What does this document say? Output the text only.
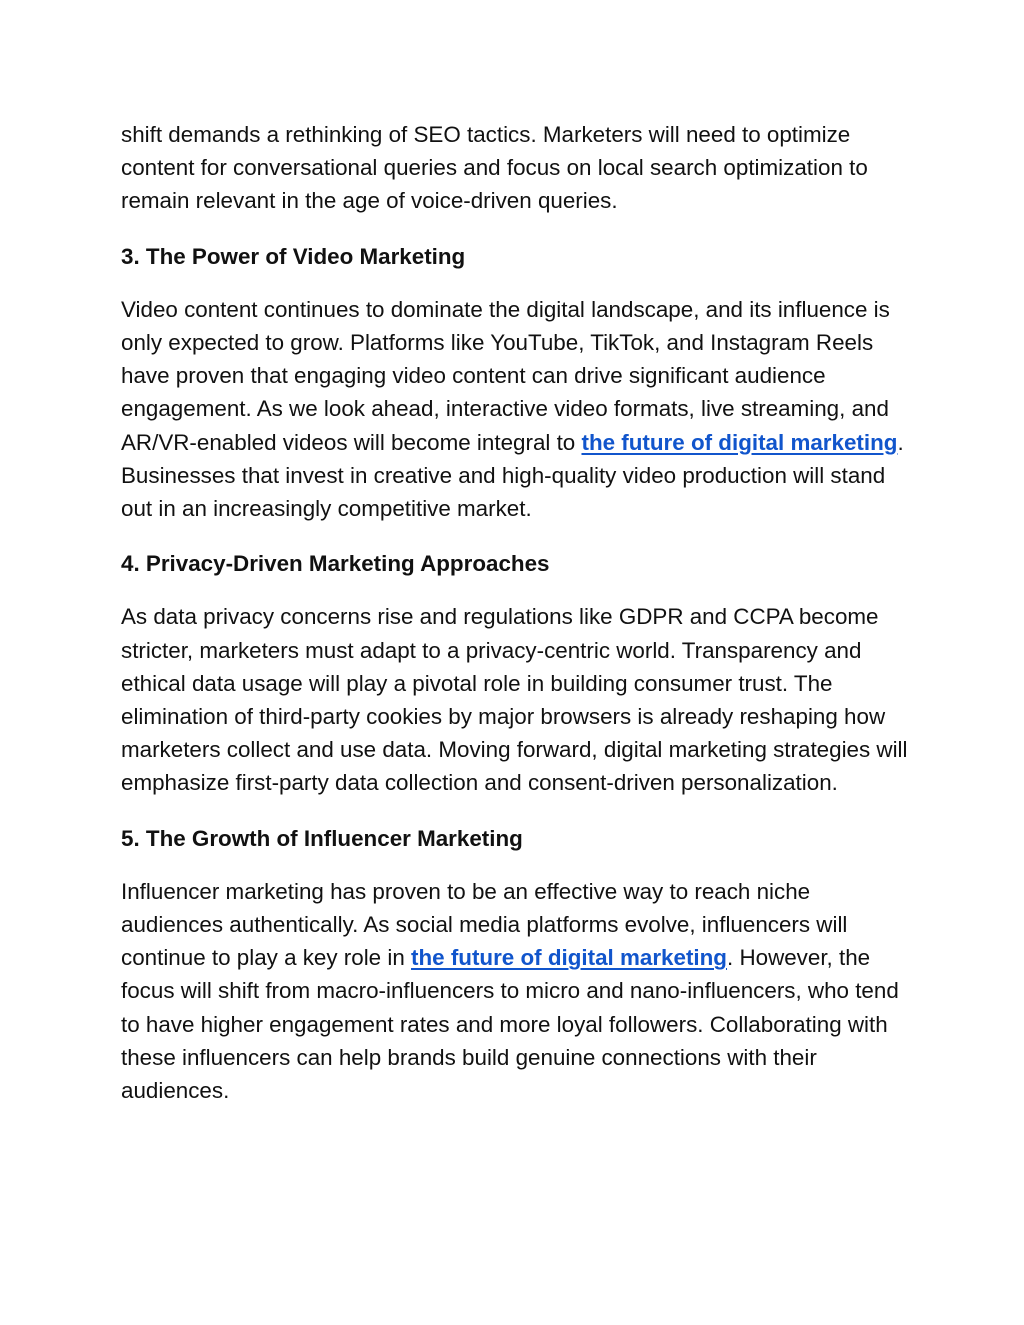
shift demands a rethinking of SEO tactics. Marketers will need to optimize content for conversational queries and focus on local search optimization to remain relevant in the age of voice-driven queries.

3. The Power of Video Marketing

Video content continues to dominate the digital landscape, and its influence is only expected to grow. Platforms like YouTube, TikTok, and Instagram Reels have proven that engaging video content can drive significant audience engagement. As we look ahead, interactive video formats, live streaming, and AR/VR-enabled videos will become integral to the future of digital marketing. Businesses that invest in creative and high-quality video production will stand out in an increasingly competitive market.

4. Privacy-Driven Marketing Approaches

As data privacy concerns rise and regulations like GDPR and CCPA become stricter, marketers must adapt to a privacy-centric world. Transparency and ethical data usage will play a pivotal role in building consumer trust. The elimination of third-party cookies by major browsers is already reshaping how marketers collect and use data. Moving forward, digital marketing strategies will emphasize first-party data collection and consent-driven personalization.

5. The Growth of Influencer Marketing

Influencer marketing has proven to be an effective way to reach niche audiences authentically. As social media platforms evolve, influencers will continue to play a key role in the future of digital marketing. However, the focus will shift from macro-influencers to micro and nano-influencers, who tend to have higher engagement rates and more loyal followers. Collaborating with these influencers can help brands build genuine connections with their audiences.
